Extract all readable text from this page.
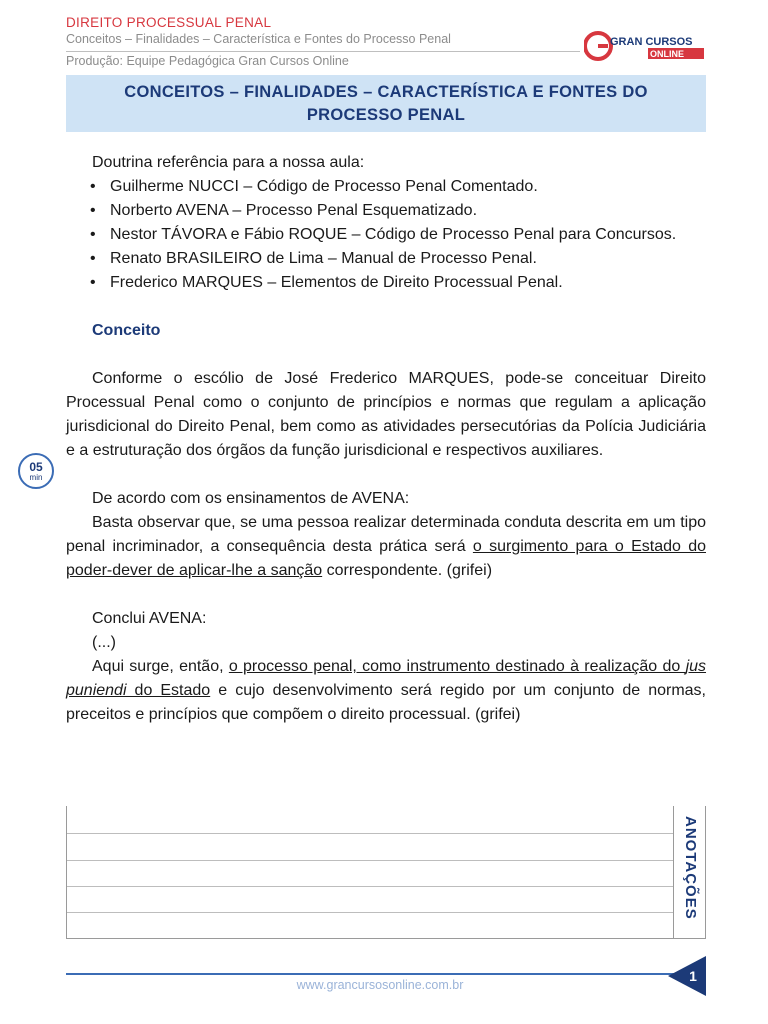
DIREITO PROCESSUAL PENAL
Conceitos – Finalidades – Característica e Fontes do Processo Penal
Produção: Equipe Pedagógica Gran Cursos Online
GRAN CURSOS
ONLINE
CONCEITOS – FINALIDADES – CARACTERÍSTICA E FONTES DO PROCESSO PENAL

Doutrina referência para a nossa aula:

• Guilherme NUCCI – Código de Processo Penal Comentado.
• Norberto AVENA – Processo Penal Esquematizado.
• Nestor TÁVORA e Fábio ROQUE – Código de Processo Penal para Concursos.
• Renato BRASILEIRO de Lima – Manual de Processo Penal.
• Frederico MARQUES – Elementos de Direito Processual Penal.

Conceito

Conforme o escólio de José Frederico MARQUES, pode-se conceituar Direito Processual Penal como o conjunto de princípios e normas que regulam a aplicação jurisdicional do Direito Penal, bem como as atividades persecutórias da Polícia Judiciária e a estruturação dos órgãos da função jurisdicional e respectivos auxiliares.

De acordo com os ensinamentos de AVENA:

Basta observar que, se uma pessoa realizar determinada conduta descrita em um tipo penal incriminador, a consequência desta prática será o surgimento para o Estado do poder-dever de aplicar-lhe a sanção correspondente. (grifei)

Conclui AVENA:

(...)

Aqui surge, então, o processo penal, como instrumento destinado à realização do jus puniendi do Estado e cujo desenvolvimento será regido por um conjunto de normas, preceitos e princípios que compõem o direito processual. (grifei)

05
min
ANOTAÇÕES
www.grancursosonline.com.br
1
